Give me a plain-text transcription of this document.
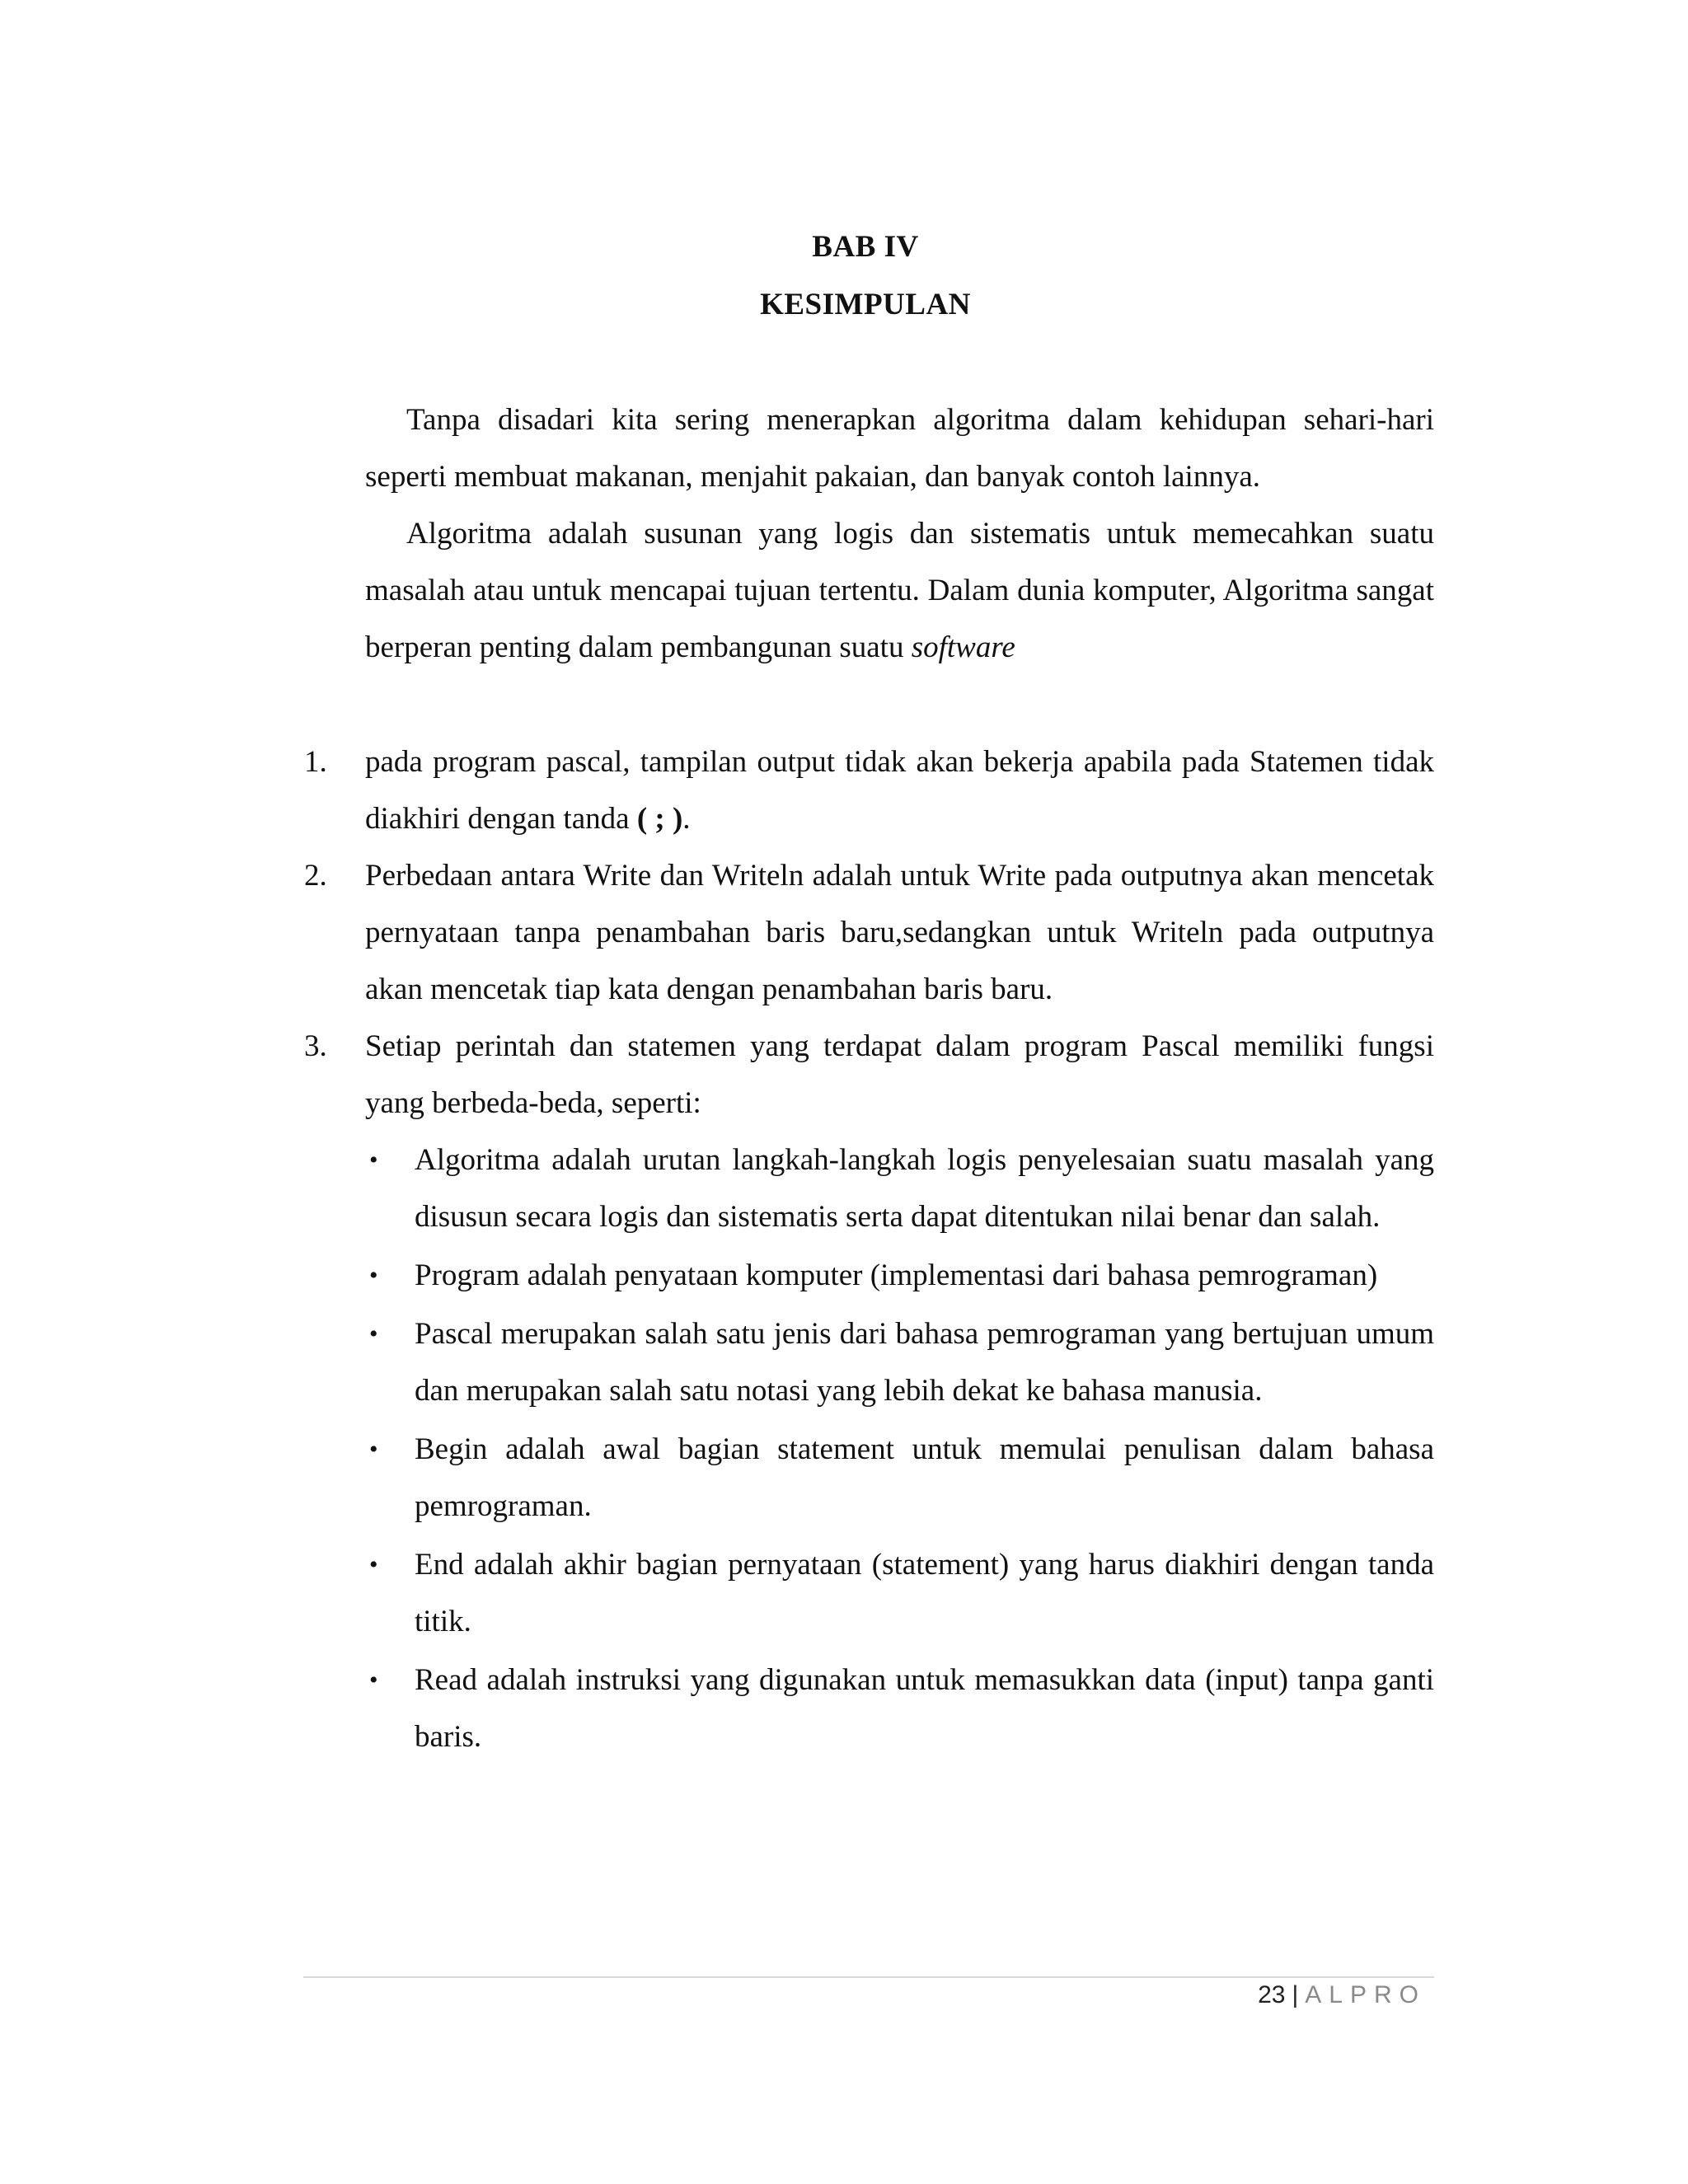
BAB IV
KESIMPULAN

Tanpa disadari kita sering menerapkan algoritma dalam kehidupan sehari-hari seperti membuat makanan, menjahit pakaian, dan banyak contoh lainnya.

Algoritma adalah susunan yang logis dan sistematis untuk memecahkan suatu masalah atau untuk mencapai tujuan tertentu. Dalam dunia komputer, Algoritma sangat berperan penting dalam pembangunan suatu software

1. pada program pascal, tampilan output tidak akan bekerja apabila pada Statemen tidak diakhiri dengan tanda ( ; ).
2. Perbedaan antara Write dan Writeln adalah untuk Write pada outputnya akan mencetak pernyataan tanpa penambahan baris baru,sedangkan untuk Writeln pada outputnya akan mencetak tiap kata dengan penambahan baris baru.
3. Setiap perintah dan statemen yang terdapat dalam program Pascal memiliki fungsi yang berbeda-beda, seperti:
• Algoritma adalah urutan langkah-langkah logis penyelesaian suatu masalah yang disusun secara logis dan sistematis serta dapat ditentukan nilai benar dan salah.
• Program adalah penyataan komputer (implementasi dari bahasa pemrograman)
• Pascal merupakan salah satu jenis dari bahasa pemrograman yang bertujuan umum dan merupakan salah satu notasi yang lebih dekat ke bahasa manusia.
• Begin adalah awal bagian statement untuk memulai penulisan dalam bahasa pemrograman.
• End adalah akhir bagian pernyataan (statement) yang harus diakhiri dengan tanda titik.
• Read adalah instruksi yang digunakan untuk memasukkan data (input) tanpa ganti baris.
23 | ALPRO
